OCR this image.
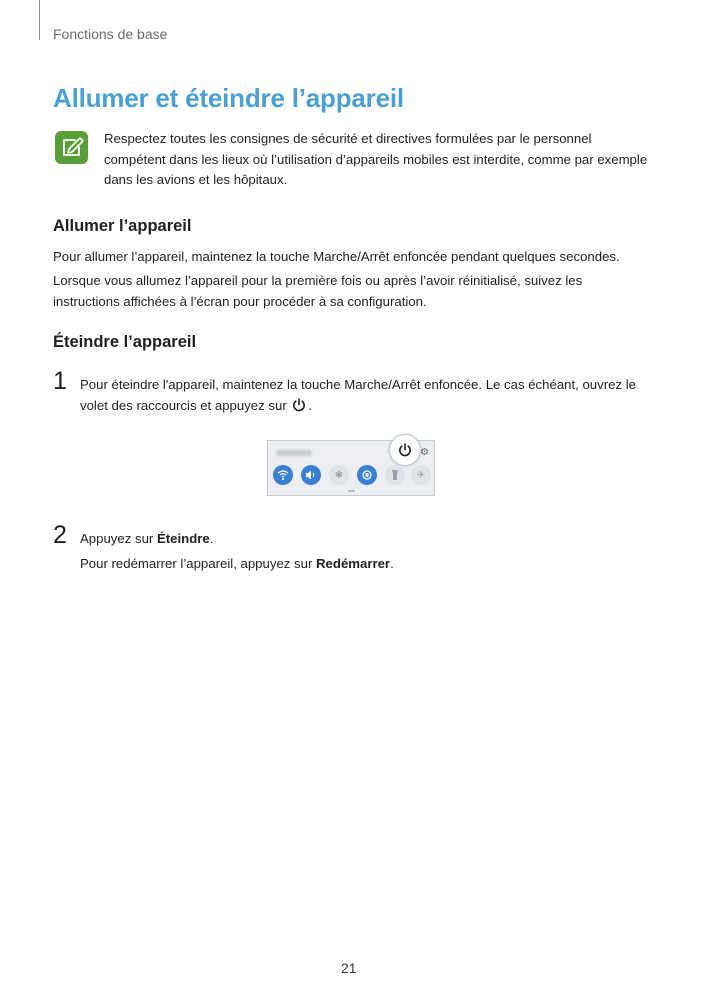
Fonctions de base
Allumer et éteindre l’appareil
Respectez toutes les consignes de sécurité et directives formulées par le personnel compétent dans les lieux où l’utilisation d’appareils mobiles est interdite, comme par exemple dans les avions et les hôpitaux.
Allumer l’appareil
Pour allumer l’appareil, maintenez la touche Marche/Arrêt enfoncée pendant quelques secondes.
Lorsque vous allumez l’appareil pour la première fois ou après l’avoir réinitialisé, suivez les instructions affichées à l’écran pour procéder à sa configuration.
Éteindre l’appareil
1 Pour éteindre l'appareil, maintenez la touche Marche/Arrêt enfoncée. Le cas échéant, ouvrez le volet des raccourcis et appuyez sur .
⚙
✱	✈
2 Appuyez sur Éteindre.
Pour redémarrer l’appareil, appuyez sur Redémarrer.
21
